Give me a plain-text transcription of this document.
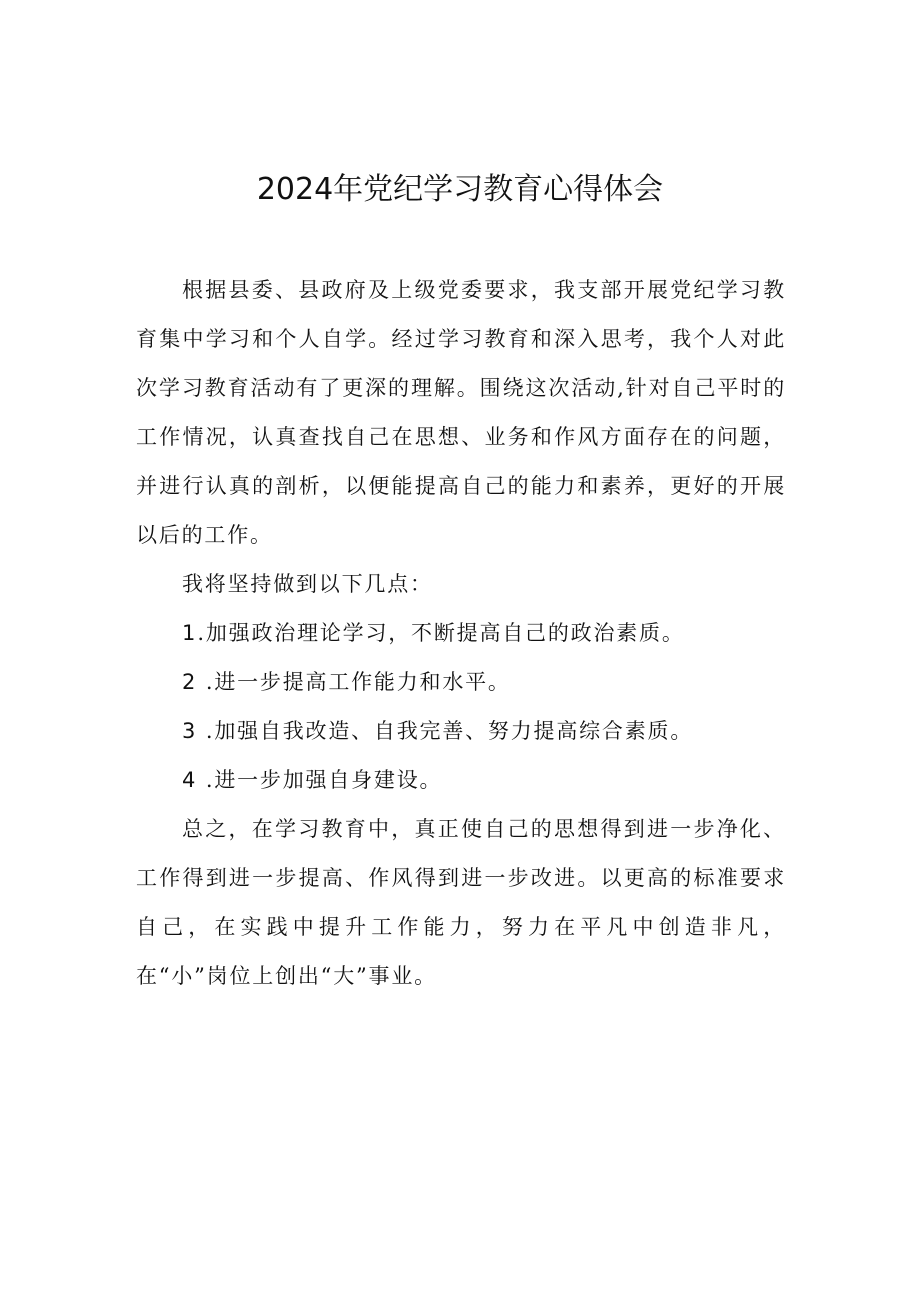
2024年党纪学习教育心得体会

根据县委、县政府及上级党委要求，我支部开展党纪学习教育集中学习和个人自学。经过学习教育和深入思考，我个人对此次学习教育活动有了更深的理解。围绕这次活动,针对自己平时的工作情况，认真查找自己在思想、业务和作风方面存在的问题，并进行认真的剖析，以便能提高自己的能力和素养，更好的开展以后的工作。

我将坚持做到以下几点：

1.加强政治理论学习，不断提高自己的政治素质。

2 .进一步提高工作能力和水平。

3 .加强自我改造、自我完善、努力提高综合素质。

4 .进一步加强自身建设。

总之，在学习教育中，真正使自己的思想得到进一步净化、工作得到进一步提高、作风得到进一步改进。以更高的标准要求自己，在实践中提升工作能力，努力在平凡中创造非凡，在“小”岗位上创出“大”事业。
